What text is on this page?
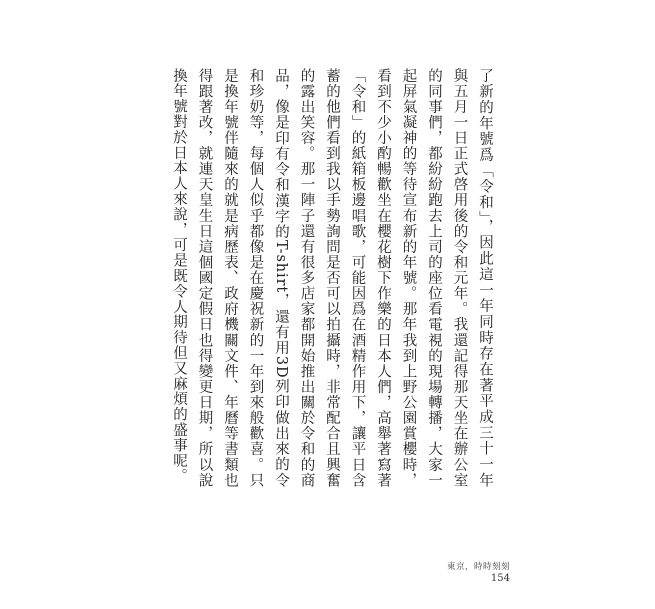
了新的年號爲「令和」，因此這一年同時存在著平成三十一年與五月一日正式啓用後的令和元年。我還記得那天坐在辦公室的同事們，都紛紛跑去上司的座位看電視的現場轉播，大家一起屏氣凝神的等待宣布新的年號。那年我到上野公園賞櫻時，看到不少小酌暢歡坐在櫻花樹下作樂的日本人們，高舉著寫著「令和」的紙箱板邊唱歌，可能因爲在酒精作用下，讓平日含蓄的他們看到我以手勢詢問是否可以拍攝時，非常配合且興奮的露出笑容。那一陣子還有很多店家都開始推出關於令和的商品，像是印有令和漢字的T-shirt，還有用3D列印做出來的令和珍奶等，每個人似乎都像是在慶祝新的一年到來般歡喜。只是換年號伴隨來的就是病歷表、政府機關文件、年曆等書類也得跟著改，就連天皇生日這個國定假日也得變更日期，所以說換年號對於日本人來說，可是既令人期待但又麻煩的盛事呢。

東京，時時刻刻
154
